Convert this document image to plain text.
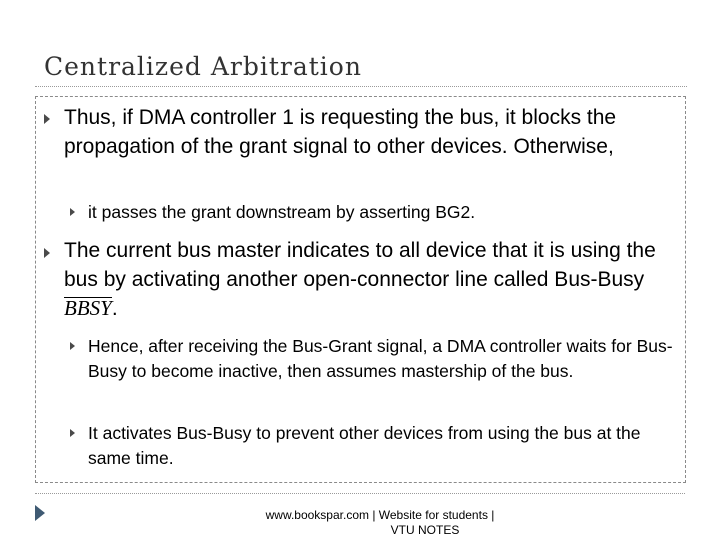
Centralized Arbitration
Thus, if DMA controller 1 is requesting the bus, it blocks the propagation of the grant signal to other devices. Otherwise,
it passes the grant downstream by asserting BG2.
The current bus master indicates to all device that it is using the bus by activating another open-connector line called Bus-BusyBBSY.
Hence, after receiving the Bus-Grant signal, a DMA controller waits for Bus-Busy to become inactive, then assumes mastership of the bus.
It activates Bus-Busy to prevent other devices from using the bus at the same time.
www.bookspar.com | Website for students |
VTU NOTES
